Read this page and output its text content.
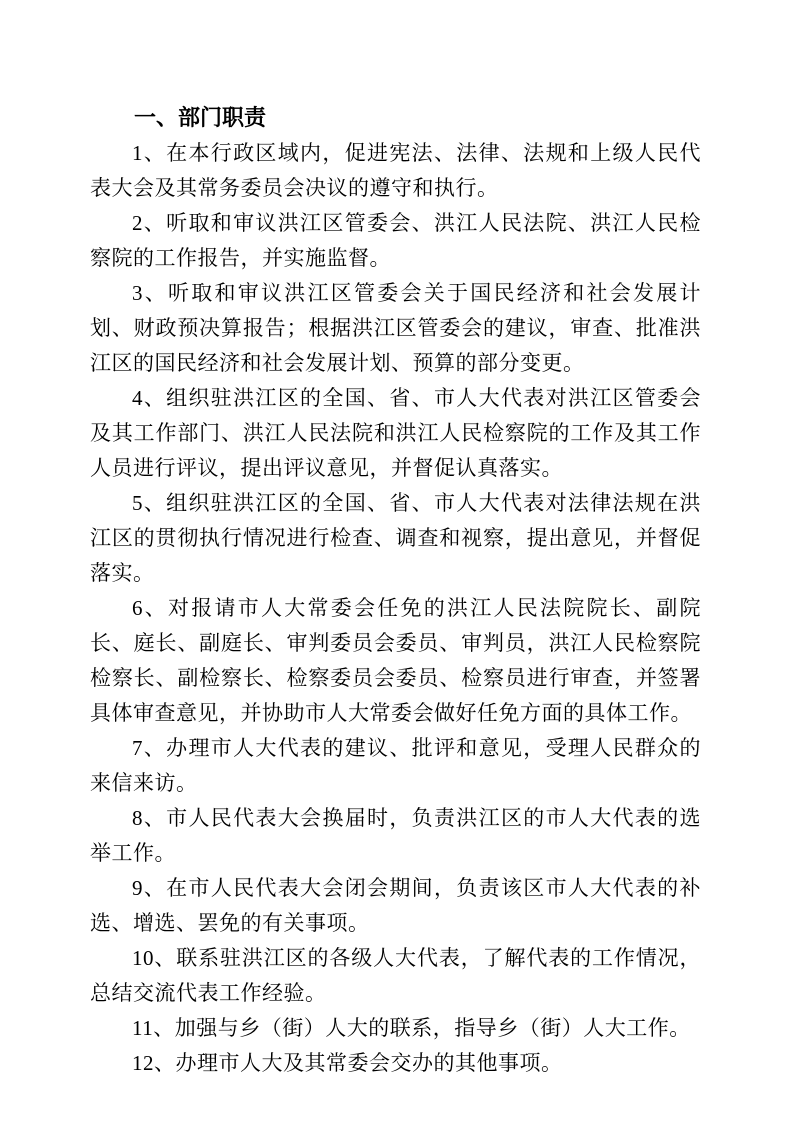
一、部门职责

1、在本行政区域内，促进宪法、法律、法规和上级人民代表大会及其常务委员会决议的遵守和执行。

2、听取和审议洪江区管委会、洪江人民法院、洪江人民检察院的工作报告，并实施监督。

3、听取和审议洪江区管委会关于国民经济和社会发展计划、财政预决算报告；根据洪江区管委会的建议，审查、批准洪江区的国民经济和社会发展计划、预算的部分变更。

4、组织驻洪江区的全国、省、市人大代表对洪江区管委会及其工作部门、洪江人民法院和洪江人民检察院的工作及其工作人员进行评议，提出评议意见，并督促认真落实。

5、组织驻洪江区的全国、省、市人大代表对法律法规在洪江区的贯彻执行情况进行检查、调查和视察，提出意见，并督促落实。

6、对报请市人大常委会任免的洪江人民法院院长、副院长、庭长、副庭长、审判委员会委员、审判员，洪江人民检察院检察长、副检察长、检察委员会委员、检察员进行审查，并签署具体审查意见，并协助市人大常委会做好任免方面的具体工作。

7、办理市人大代表的建议、批评和意见，受理人民群众的来信来访。

8、市人民代表大会换届时，负责洪江区的市人大代表的选举工作。

9、在市人民代表大会闭会期间，负责该区市人大代表的补选、增选、罢免的有关事项。

10、联系驻洪江区的各级人大代表，了解代表的工作情况，总结交流代表工作经验。

11、加强与乡（街）人大的联系，指导乡（街）人大工作。

12、办理市人大及其常委会交办的其他事项。
